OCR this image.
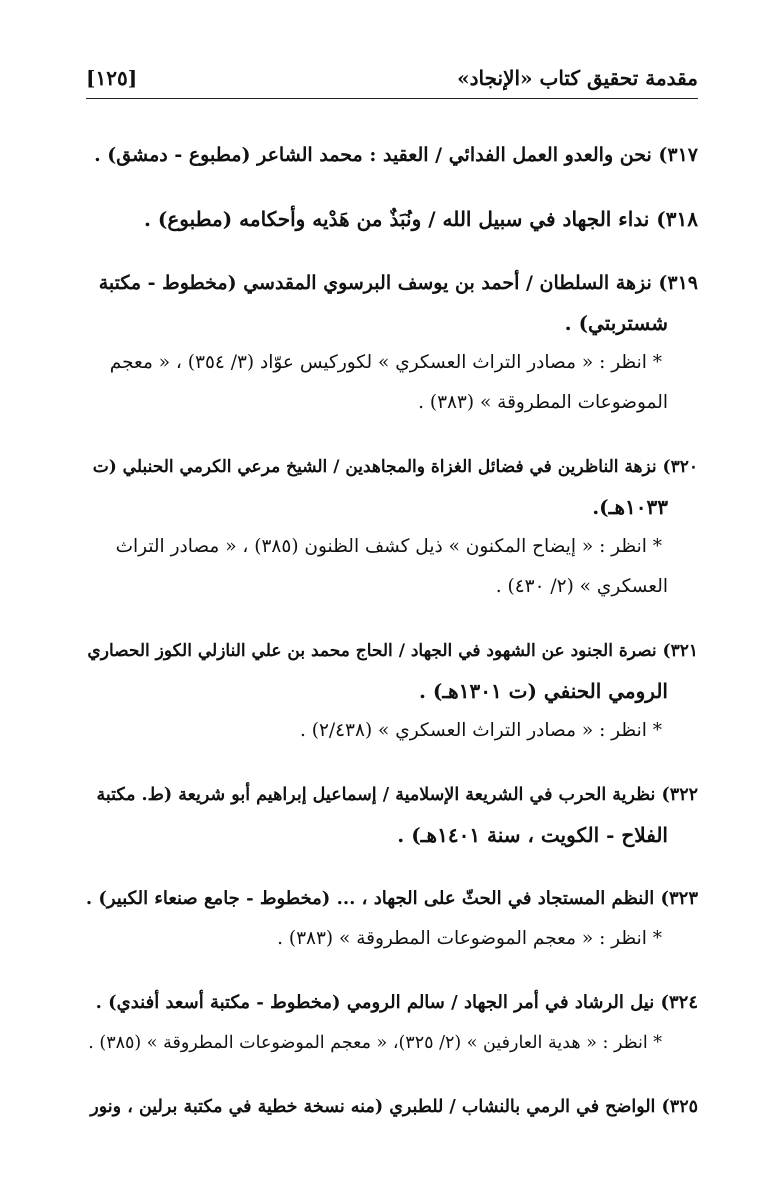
مقدمة تحقيق كتاب «الإنجاد»
[١٢٥]
٣١٧) نحن والعدو العمل الفدائي / العقيد : محمد الشاعر (مطبوع - دمشق) .
٣١٨) نداء الجهاد في سبيل الله / ونُبَذٌ من هَدْيه وأحكامه (مطبوع) .
٣١٩) نزهة السلطان / أحمد بن يوسف البرسوي المقدسي (مخطوط - مكتبة
شستربتي) .
* انظر : « مصادر التراث العسكري » لكوركيس عوّاد (٣/ ٣٥٤) ، « معجم
الموضوعات المطروقة » (٣٨٣) .
٣٢٠) نزهة الناظرين في فضائل الغزاة والمجاهدين / الشيخ مرعي الكرمي الحنبلي (ت
١٠٣٣هـ).
* انظر : « إيضاح المكنون » ذيل كشف الظنون (٣٨٥) ، « مصادر التراث
العسكري » (٢/ ٤٣٠) .
٣٢١) نصرة الجنود عن الشهود في الجهاد / الحاج محمد بن علي النازلي الكوز الحصاري
الرومي الحنفي (ت ١٣٠١هـ) .
* انظر : « مصادر التراث العسكري » (٢/٤٣٨) .
٣٢٢) نظرية الحرب في الشريعة الإسلامية / إسماعيل إبراهيم أبو شريعة (ط. مكتبة
الفلاح - الكويت ، سنة ١٤٠١هـ) .
٣٢٣) النظم المستجاد في الحثّ على الجهاد ، ... (مخطوط - جامع صنعاء الكبير) .
* انظر : « معجم الموضوعات المطروقة » (٣٨٣) .
٣٢٤) نيل الرشاد في أمر الجهاد / سالم الرومي (مخطوط - مكتبة أسعد أفندي) .
* انظر : « هدية العارفين » (٢/ ٣٢٥)، « معجم الموضوعات المطروقة » (٣٨٥) .
٣٢٥) الواضح في الرمي بالنشاب / للطبري (منه نسخة خطية في مكتبة برلين ، ونور
